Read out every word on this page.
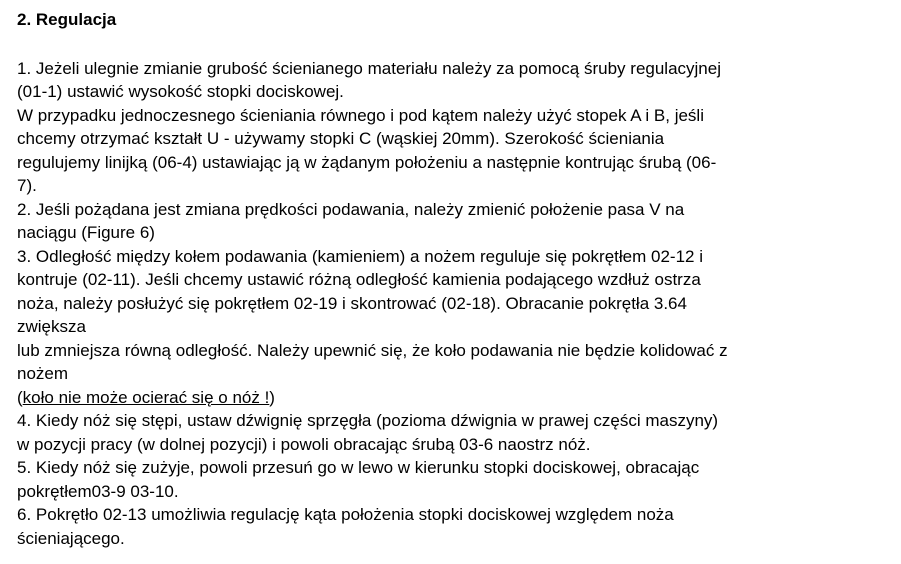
2. Regulacja
1. Jeżeli ulegnie zmianie grubość ścienianego materiału należy za pomocą śruby regulacyjnej
(01-1) ustawić wysokość stopki dociskowej.
W przypadku jednoczesnego ścieniania równego i pod kątem należy użyć stopek A i B, jeśli
chcemy otrzymać kształt U - używamy stopki C (wąskiej 20mm). Szerokość ścieniania
regulujemy linijką (06-4) ustawiając ją w żądanym położeniu a następnie kontrując śrubą (06-
7).
2. Jeśli pożądana jest zmiana prędkości podawania, należy zmienić położenie pasa V na
naciągu (Figure 6)
3. Odległość między kołem podawania (kamieniem) a nożem reguluje się pokrętłem 02-12 i
kontruje (02-11). Jeśli chcemy ustawić różną odległość kamienia podającego wzdłuż ostrza
noża, należy posłużyć się pokrętłem 02-19 i skontrować (02-18). Obracanie pokrętła 3.64
zwiększa
lub zmniejsza równą odległość. Należy upewnić się, że koło podawania nie będzie kolidować z
nożem
(koło nie może ocierać się o nóż !)
4. Kiedy nóż się stępi, ustaw dźwignię sprzęgła (pozioma dźwignia w prawej części maszyny)
w pozycji pracy (w dolnej pozycji) i powoli obracając śrubą 03-6 naostrz nóż.
5. Kiedy nóż się zużyje, powoli przesuń go w lewo w kierunku stopki dociskowej, obracając
pokrętłem03-9 03-10.
6. Pokrętło 02-13 umożliwia regulację kąta położenia stopki dociskowej względem noża
ścieniającego.
